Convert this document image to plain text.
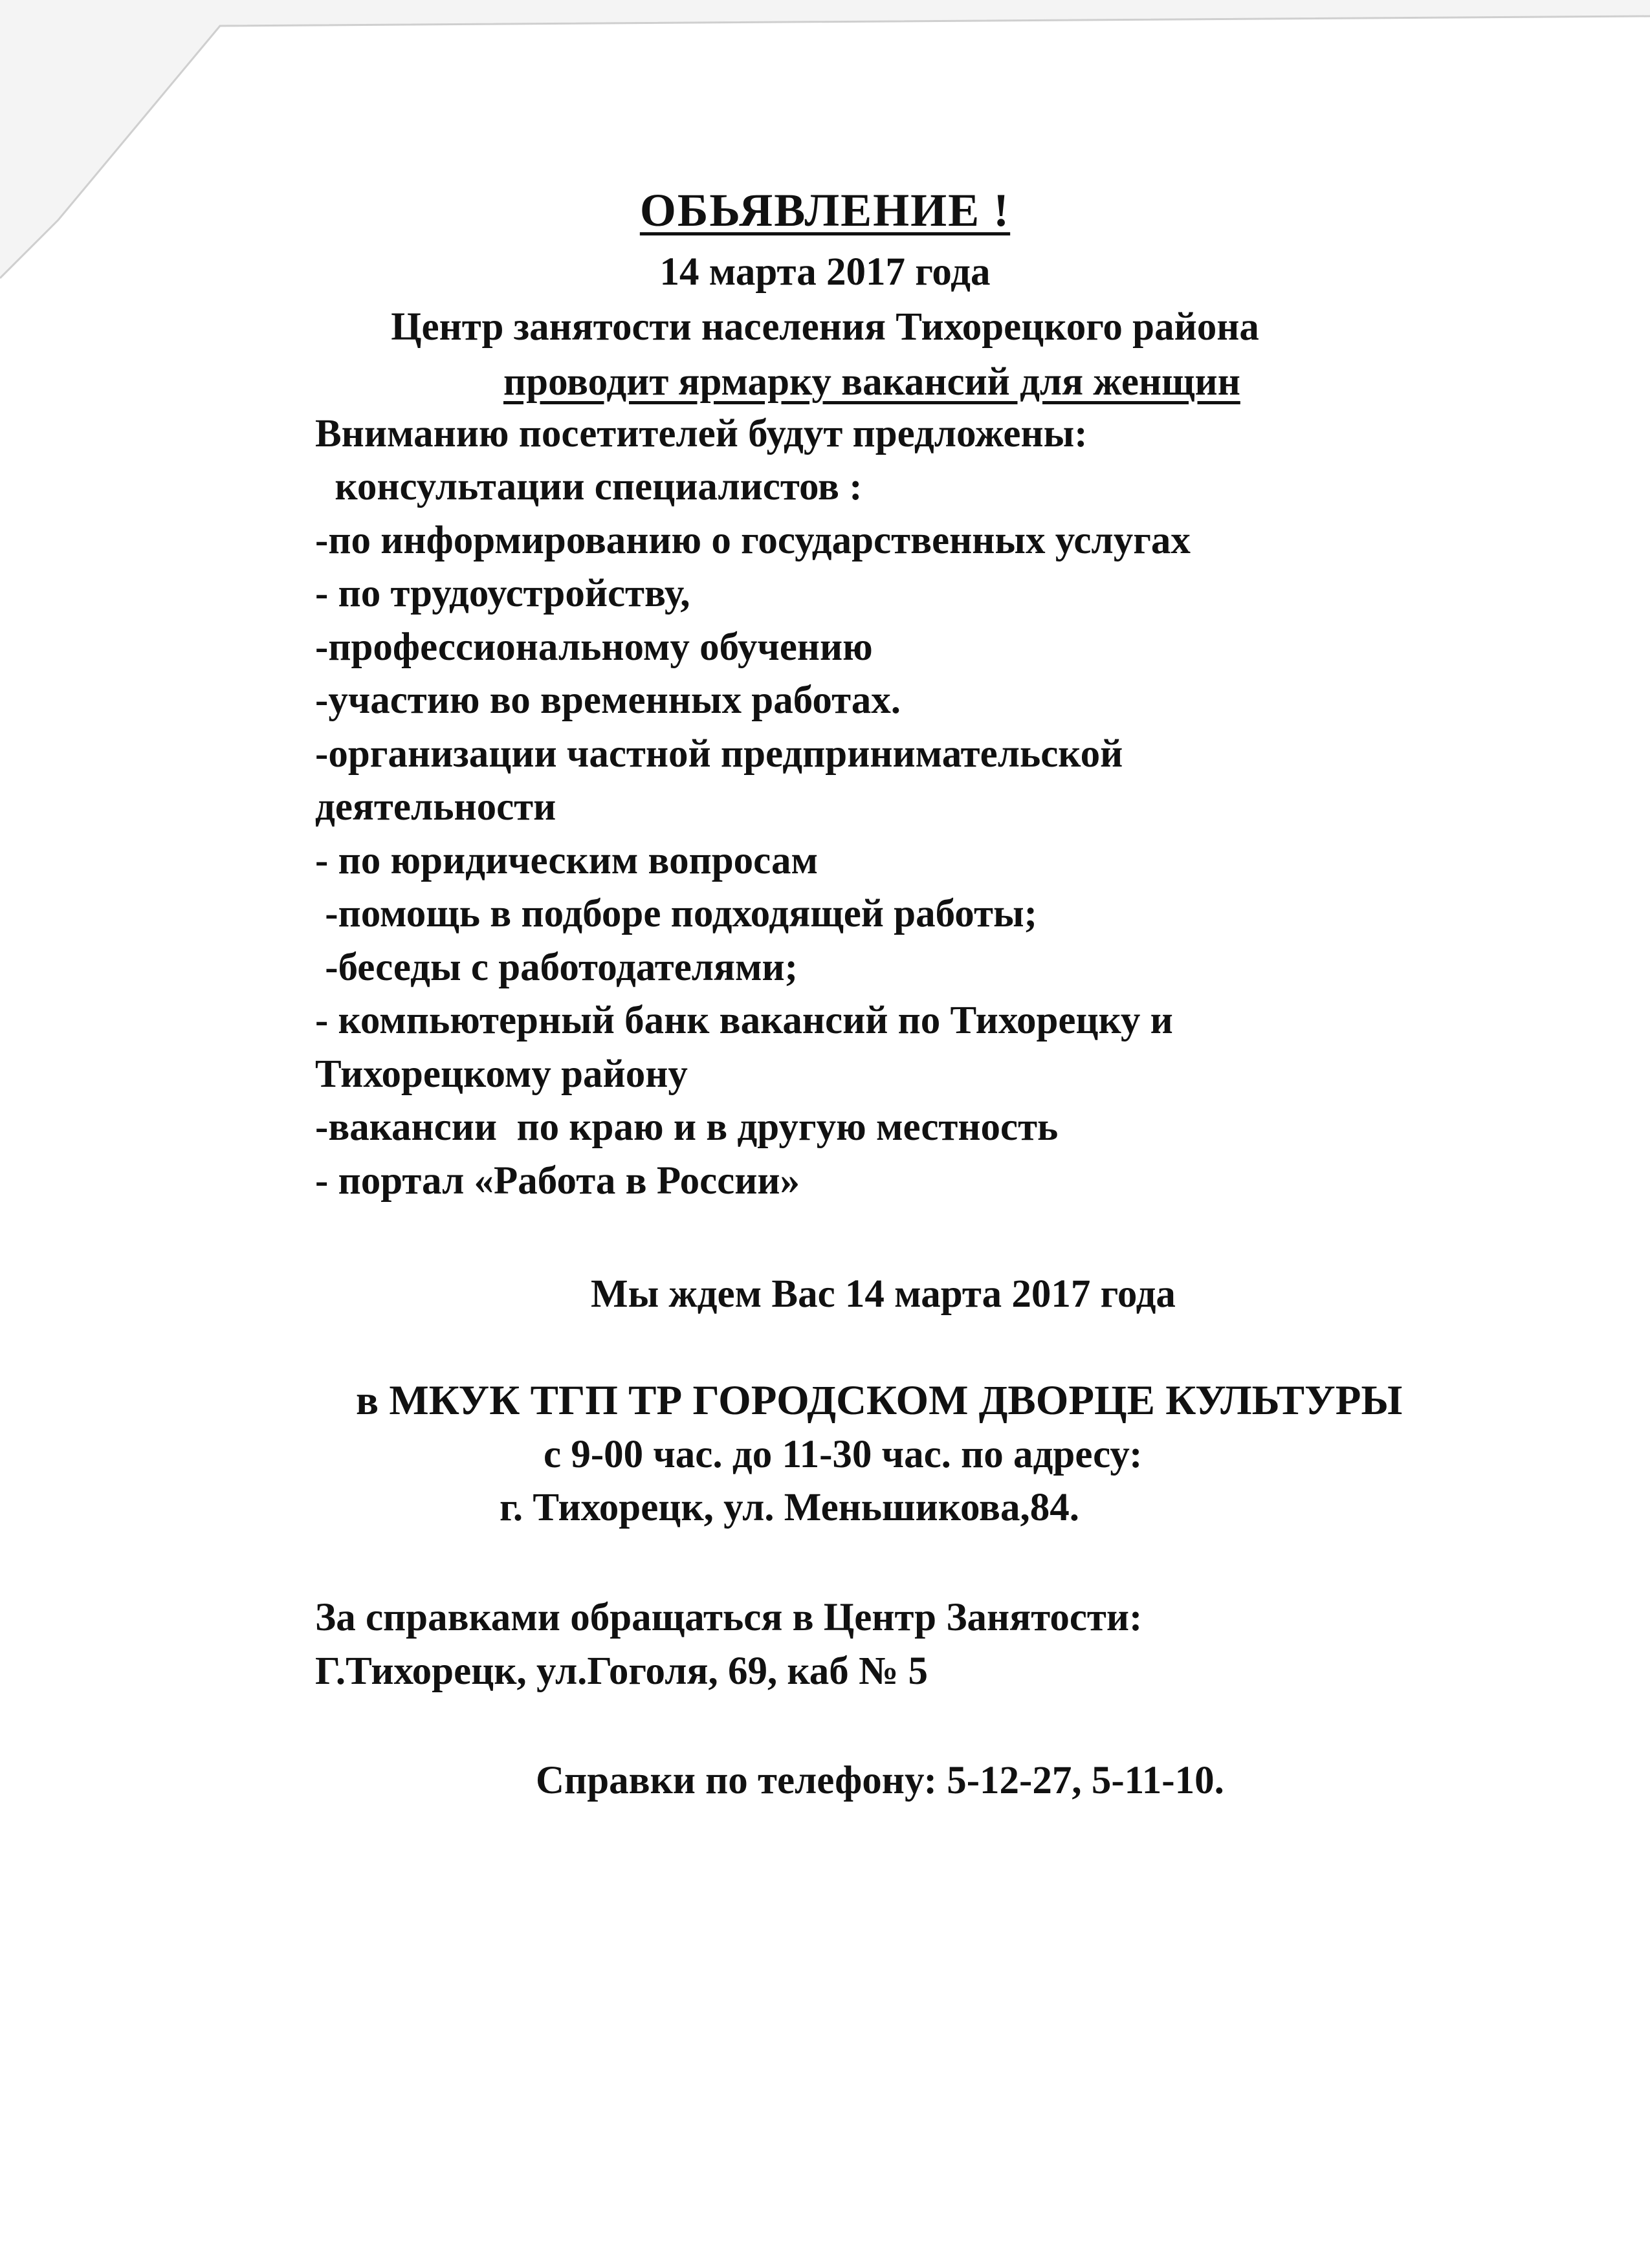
ОБЬЯВЛЕНИЕ !
14 марта 2017 года
Центр занятости населения Тихорецкого района
проводит ярмарку вакансий для женщин
Вниманию посетителей будут предложены:
консультации специалистов :
-по информированию о государственных услугах
- по трудоустройству,
-профессиональному обучению
-участию во временных работах.
-организации частной предпринимательской
деятельности
- по юридическим вопросам
-помощь в подборе подходящей работы;
-беседы с работодателями;
- компьютерный банк вакансий по Тихорецку и
Тихорецкому району
-вакансии  по краю и в другую местность
- портал «Работа в России»
Мы ждем Вас 14 марта 2017 года
в МКУК ТГП ТР ГОРОДСКОМ ДВОРЦЕ КУЛЬТУРЫ
с 9-00 час. до 11-30 час. по адресу:
г. Тихорецк, ул. Меньшикова,84.
За справками обращаться в Центр Занятости:
Г.Тихорецк, ул.Гоголя, 69, каб № 5
Справки по телефону: 5-12-27, 5-11-10.
